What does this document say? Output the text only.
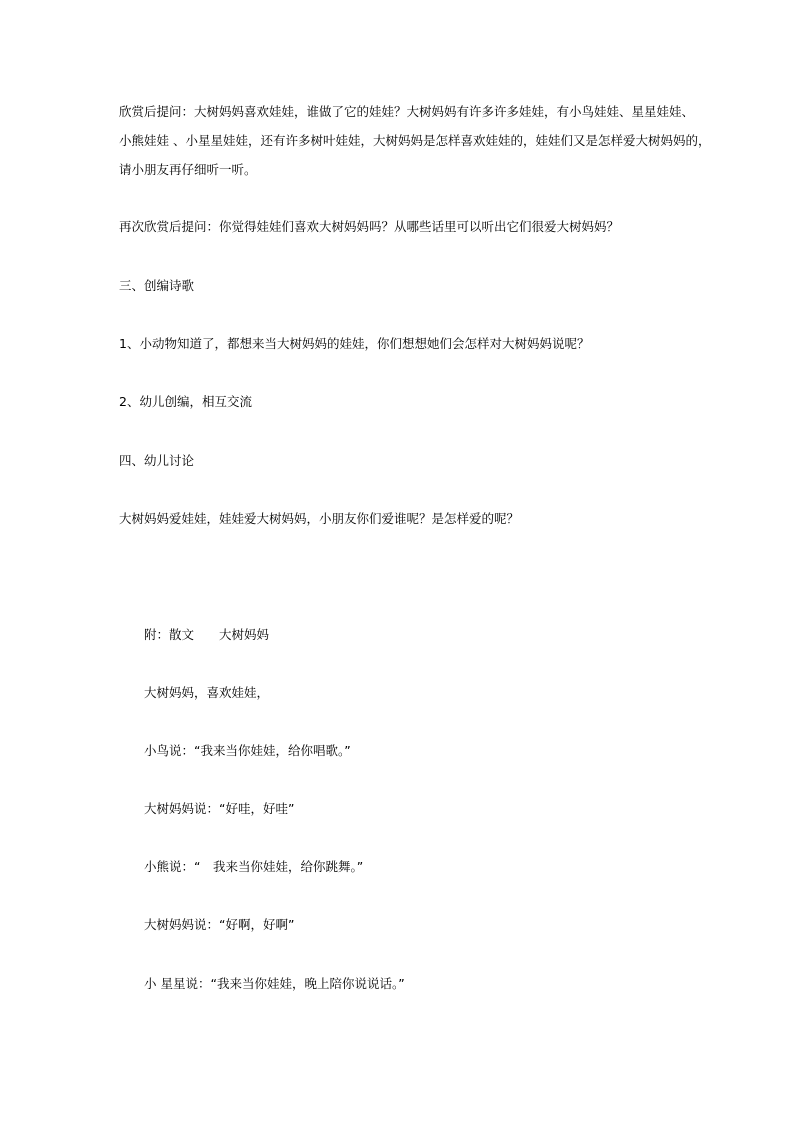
欣赏后提问：大树妈妈喜欢娃娃，谁做了它的娃娃？大树妈妈有许多许多娃娃，有小鸟娃娃、星星娃娃、
小熊娃娃 、小星星娃娃，还有许多树叶娃娃，大树妈妈是怎样喜欢娃娃的，娃娃们又是怎样爱大树妈妈的，
请小朋友再仔细听一听。
再次欣赏后提问：你觉得娃娃们喜欢大树妈妈吗？从哪些话里可以听出它们很爱大树妈妈？
三、创编诗歌
1、小动物知道了，都想来当大树妈妈的娃娃，你们想想她们会怎样对大树妈妈说呢？
2、幼儿创编，相互交流
四、幼儿讨论
大树妈妈爱娃娃，娃娃爱大树妈妈，小朋友你们爱谁呢？是怎样爱的呢？
附：散文　　大树妈妈
大树妈妈，喜欢娃娃，
小鸟说：“我来当你娃娃，给你唱歌。”
大树妈妈说：“好哇，好哇”
小熊说：“　我来当你娃娃，给你跳舞。”
大树妈妈说：“好啊，好啊”
小 星星说：“我来当你娃娃，晚上陪你说说话。”
